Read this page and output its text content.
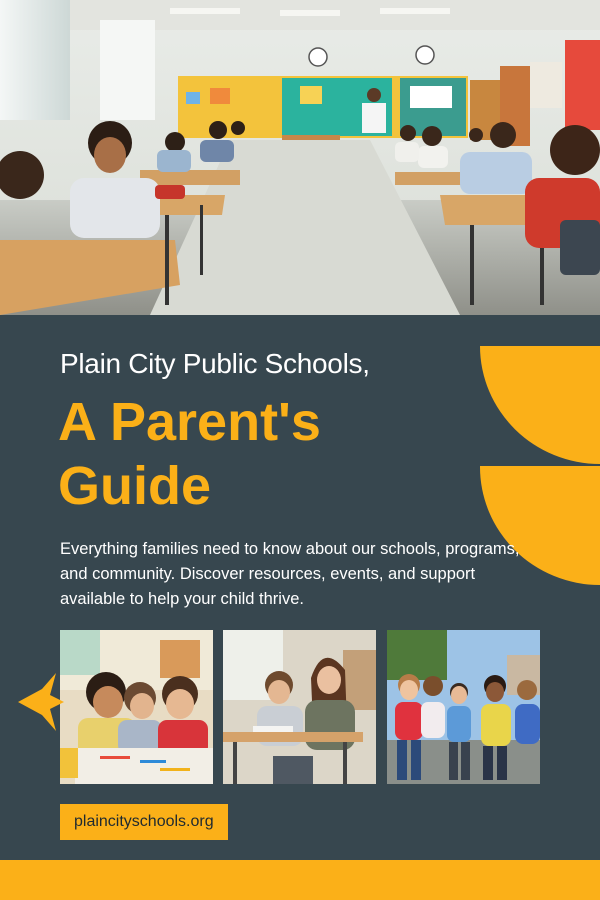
Plain City Public Schools,
A Parent's
Guide

Everything families need to know about our schools, programs, and community. Discover resources, events, and support available to help your child thrive.

plaincityschools.org
